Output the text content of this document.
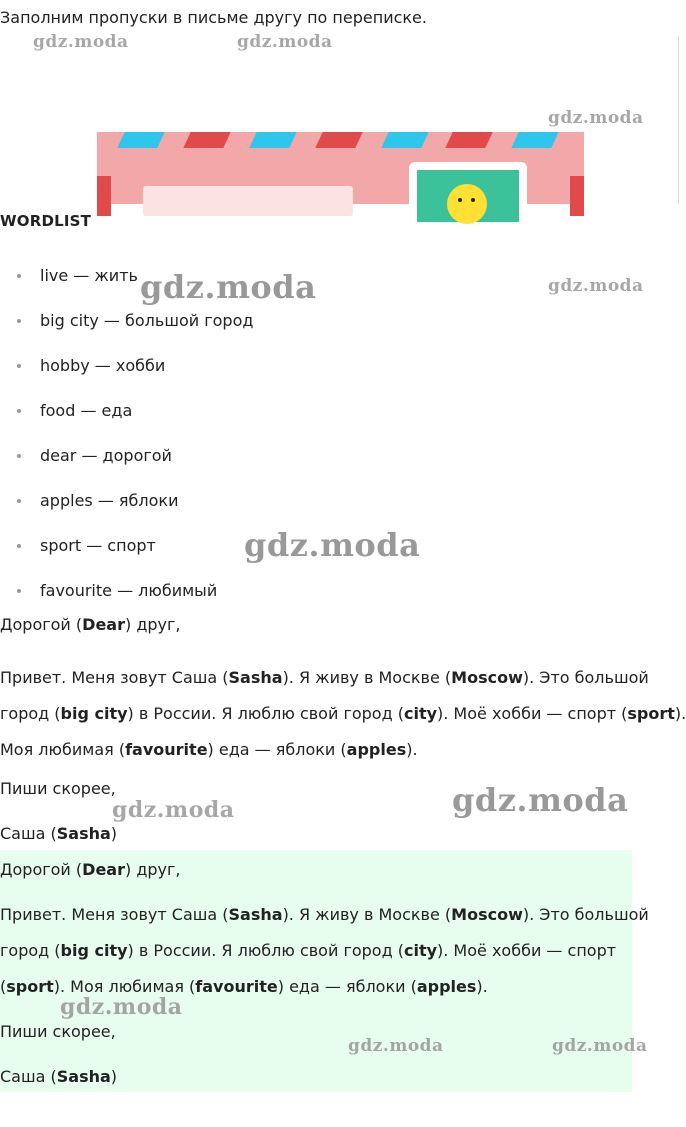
Заполним пропуски в письме другу по переписке.
WORDLIST
live — жить
big city — большой город
hobby — хобби
food — еда
dear — дорогой
apples — яблоки
sport — спорт
favourite — любимый

Дорогой (Dear) друг,

Привет. Меня зовут Саша (Sasha). Я живу в Москве (Moscow). Это большой

город (big city) в России. Я люблю свой город (city). Моё хобби — спорт (sport).

Моя любимая (favourite) еда — яблоки (apples).

Пиши скорее,

Саша (Sasha)

Дорогой (Dear) друг,

Привет. Меня зовут Саша (Sasha). Я живу в Москве (Moscow). Это большой

город (big city) в России. Я люблю свой город (city). Моё хобби — спорт

(sport). Моя любимая (favourite) еда — яблоки (apples).

Пиши скорее,

Саша (Sasha)

gdz.moda	gdz.moda
gdz.moda
gdz.moda	gdz.moda
gdz.moda
gdz.moda
gdz.moda
gdz.moda
gdz.moda	gdz.moda
